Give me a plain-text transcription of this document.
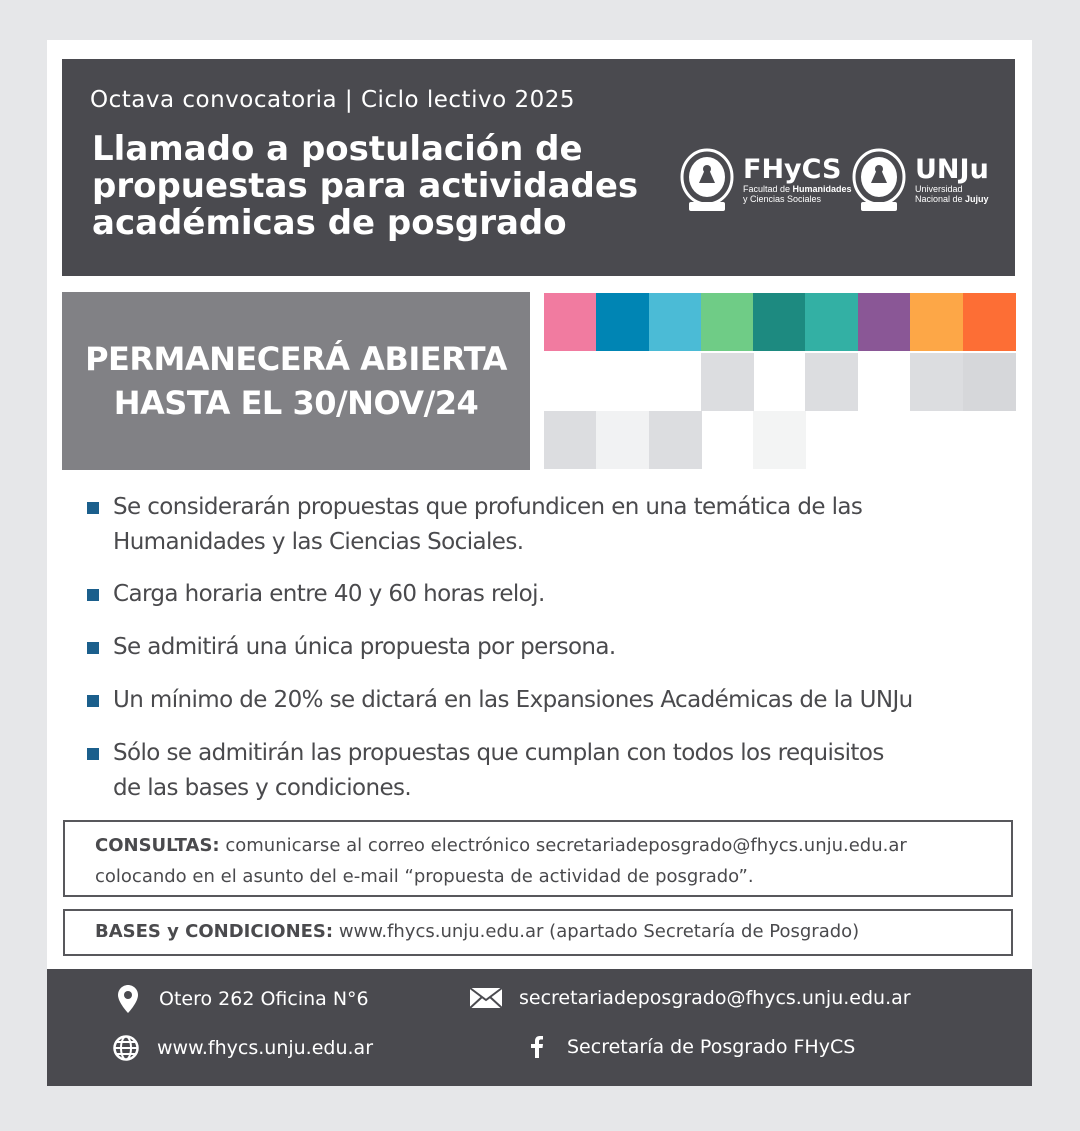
Octava convocatoria | Ciclo lectivo 2025
Llamado a postulación de
propuestas para actividades
académicas de posgrado
FHyCS
Facultad de Humanidades
y Ciencias Sociales
UNJu
Universidad
Nacional de Jujuy
PERMANECERÁ ABIERTA
HASTA EL 30/NOV/24
Se considerarán propuestas que profundicen en una temática de las
Humanidades y las Ciencias Sociales.
Carga horaria entre 40 y 60 horas reloj.
Se admitirá una única propuesta por persona.
Un mínimo de 20% se dictará en las Expansiones Académicas de la UNJu
Sólo se admitirán las propuestas que cumplan con todos los requisitos
de las bases y condiciones.
CONSULTAS: comunicarse al correo electrónico secretariadeposgrado@fhycs.unju.edu.ar
colocando en el asunto del e-mail “propuesta de actividad de posgrado”.
BASES y CONDICIONES: www.fhycs.unju.edu.ar (apartado Secretaría de Posgrado)
Otero 262 Oficina N°6	secretariadeposgrado@fhycs.unju.edu.ar
www.fhycs.unju.edu.ar	Secretaría de Posgrado FHyCS
